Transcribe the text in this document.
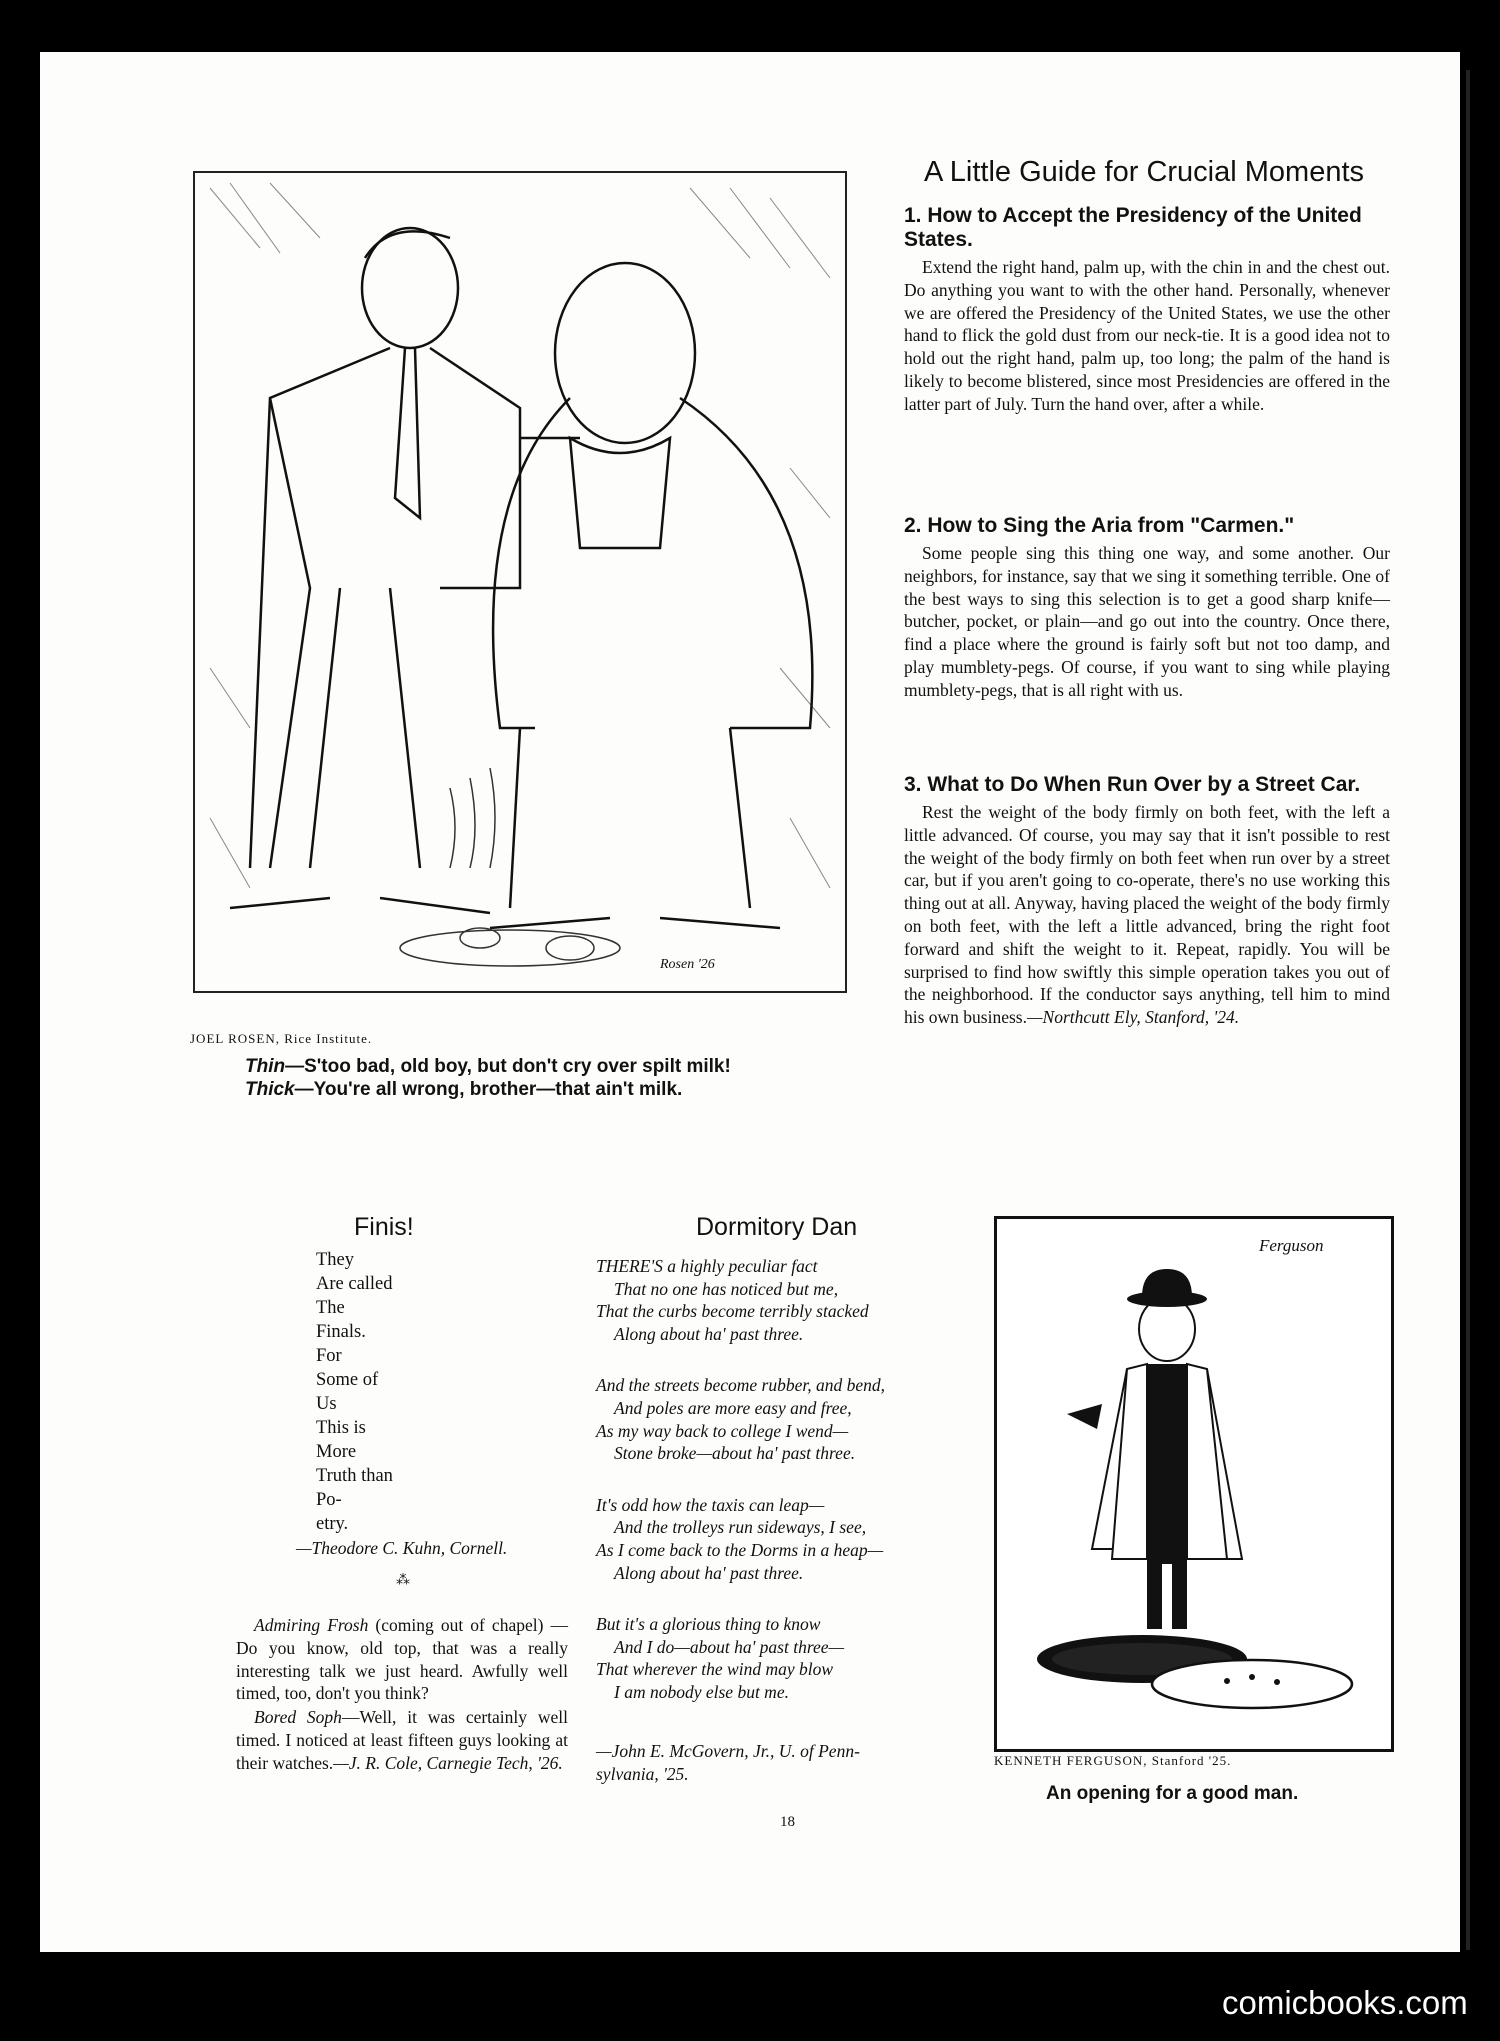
Rosen '26
JOEL ROSEN, Rice Institute.
Thin—S'too bad, old boy, but don't cry over spilt milk!
Thick—You're all wrong, brother—that ain't milk.
A Little Guide for Crucial Moments
1. How to Accept the Presidency of the United States.
Extend the right hand, palm up, with the chin in and the chest out. Do anything you want to with the other hand. Personally, whenever we are offered the Presidency of the United States, we use the other hand to flick the gold dust from our neck-tie. It is a good idea not to hold out the right hand, palm up, too long; the palm of the hand is likely to become blistered, since most Presidencies are offered in the latter part of July. Turn the hand over, after a while.
2. How to Sing the Aria from "Carmen."
Some people sing this thing one way, and some another. Our neighbors, for instance, say that we sing it something terrible. One of the best ways to sing this selection is to get a good sharp knife—butcher, pocket, or plain—and go out into the country. Once there, find a place where the ground is fairly soft but not too damp, and play mumblety-pegs. Of course, if you want to sing while playing mumblety-pegs, that is all right with us.
3. What to Do When Run Over by a Street Car.
Rest the weight of the body firmly on both feet, with the left a little advanced. Of course, you may say that it isn't possible to rest the weight of the body firmly on both feet when run over by a street car, but if you aren't going to co-operate, there's no use working this thing out at all. Anyway, having placed the weight of the body firmly on both feet, with the left a little advanced, bring the right foot forward and shift the weight to it. Repeat, rapidly. You will be surprised to find how swiftly this simple operation takes you out of the neighborhood. If the conductor says anything, tell him to mind his own business.—Northcutt Ely, Stanford, '24.
Finis!
They
Are called
The
Finals.
For
Some of
Us
This is
More
Truth than
Po-
etry.
—Theodore C. Kuhn, Cornell.
⁂
Admiring Frosh (coming out of chapel) —Do you know, old top, that was a really interesting talk we just heard. Awfully well timed, too, don't you think?
Bored Soph—Well, it was certainly well timed. I noticed at least fifteen guys looking at their watches.—J. R. Cole, Carnegie Tech, '26.
Dormitory Dan
THERE'S a highly peculiar fact
That no one has noticed but me,
That the curbs become terribly stacked
Along about ha' past three.
And the streets become rubber, and bend,
And poles are more easy and free,
As my way back to college I wend—
Stone broke—about ha' past three.
It's odd how the taxis can leap—
And the trolleys run sideways, I see,
As I come back to the Dorms in a heap—
Along about ha' past three.
But it's a glorious thing to know
And I do—about ha' past three—
That wherever the wind may blow
I am nobody else but me.
—John E. McGovern, Jr., U. of Penn-
sylvania, '25.
Ferguson
KENNETH FERGUSON, Stanford '25.
An opening for a good man.
18
comicbooks.com
